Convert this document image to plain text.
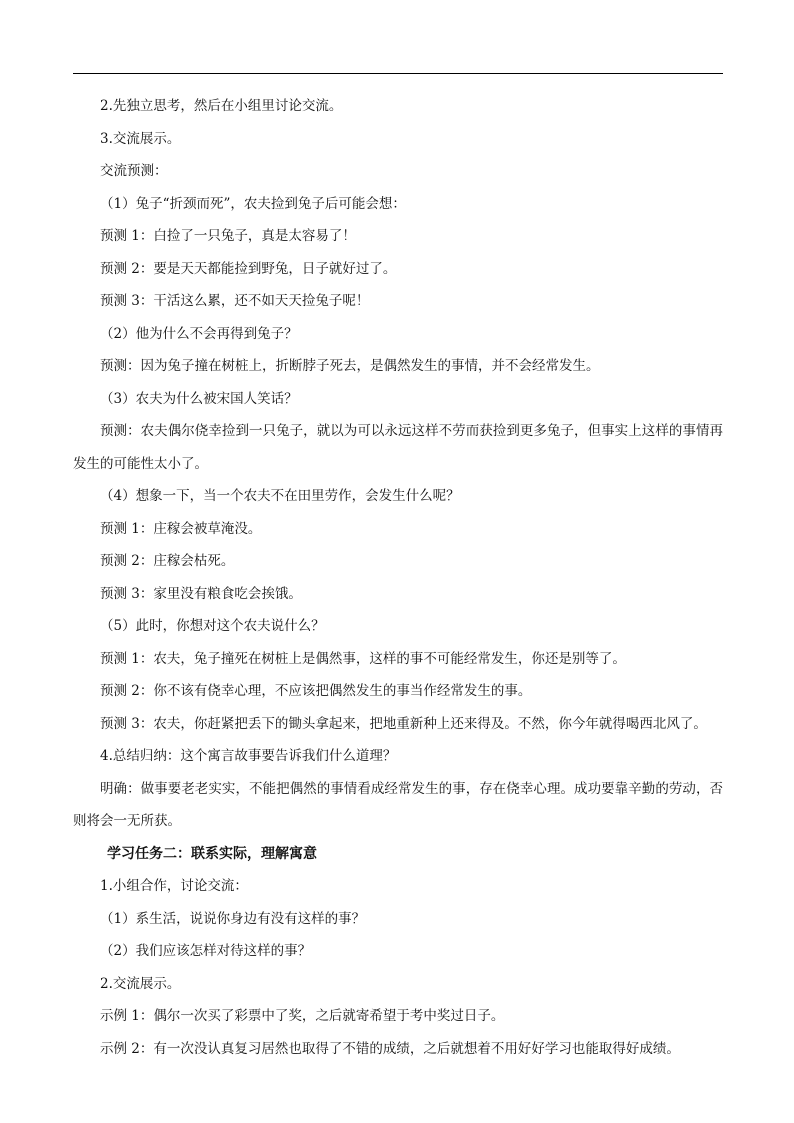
2.先独立思考，然后在小组里讨论交流。
3.交流展示。
交流预测：
（1）兔子“折颈而死”，农夫捡到兔子后可能会想：
预测 1：白捡了一只兔子，真是太容易了！
预测 2：要是天天都能捡到野兔，日子就好过了。
预测 3：干活这么累，还不如天天捡兔子呢！
（2）他为什么不会再得到兔子？
预测：因为兔子撞在树桩上，折断脖子死去，是偶然发生的事情，并不会经常发生。
（3）农夫为什么被宋国人笑话？
预测：农夫偶尔侥幸捡到一只兔子，就以为可以永远这样不劳而获捡到更多兔子，但事实上这样的事情再发生的可能性太小了。
（4）想象一下，当一个农夫不在田里劳作，会发生什么呢？
预测 1：庄稼会被草淹没。
预测 2：庄稼会枯死。
预测 3：家里没有粮食吃会挨饿。
（5）此时，你想对这个农夫说什么？
预测 1：农夫，兔子撞死在树桩上是偶然事，这样的事不可能经常发生，你还是别等了。
预测 2：你不该有侥幸心理，不应该把偶然发生的事当作经常发生的事。
预测 3：农夫，你赶紧把丢下的锄头拿起来，把地重新种上还来得及。不然，你今年就得喝西北风了。
4.总结归纳：这个寓言故事要告诉我们什么道理？
明确：做事要老老实实，不能把偶然的事情看成经常发生的事，存在侥幸心理。成功要靠辛勤的劳动，否则将会一无所获。
学习任务二：联系实际，理解寓意
1.小组合作，讨论交流：
（1）系生活，说说你身边有没有这样的事？
（2）我们应该怎样对待这样的事？
2.交流展示。
示例 1：偶尔一次买了彩票中了奖，之后就寄希望于考中奖过日子。
示例 2：有一次没认真复习居然也取得了不错的成绩，之后就想着不用好好学习也能取得好成绩。
